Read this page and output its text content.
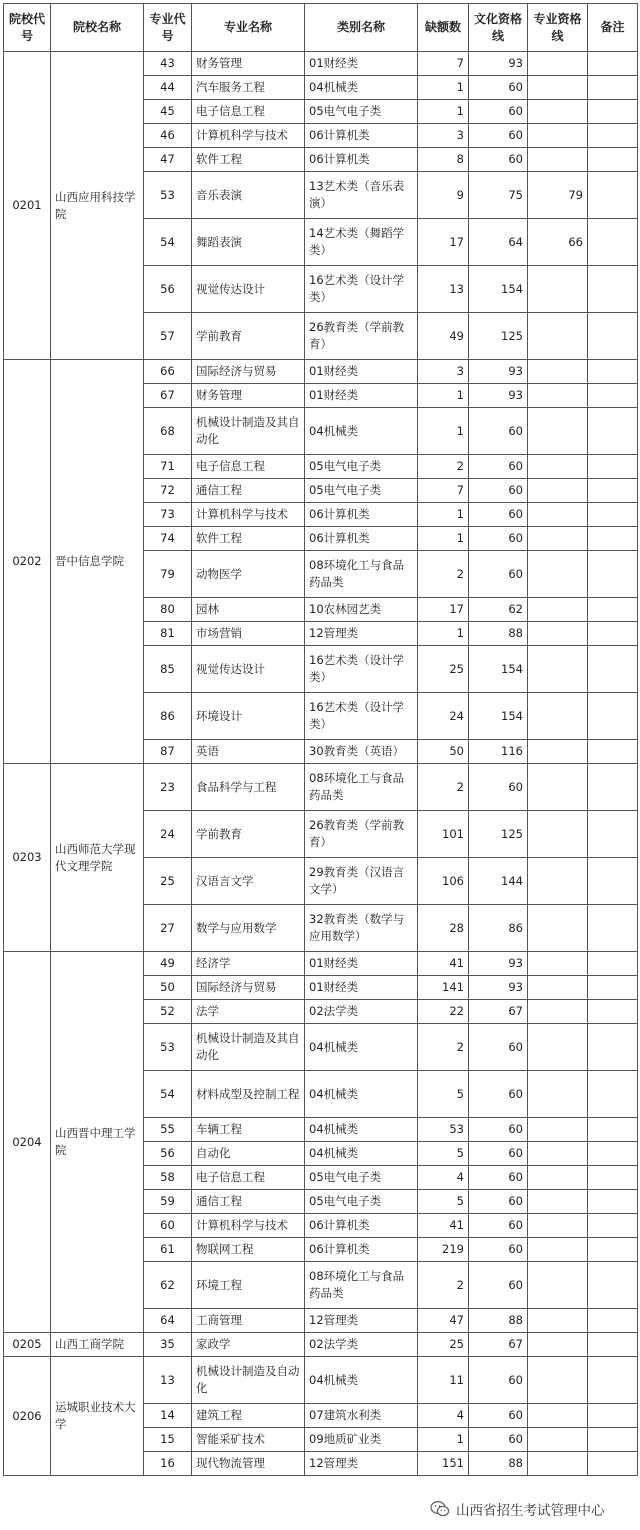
院校代号	院校名称	专业代号	专业名称	类别名称	缺额数	文化资格线	专业资格线	备注
0201	山西应用科技学院	43	财务管理	01财经类	7	93		
		44	汽车服务工程	04机械类	1	60		
		45	电子信息工程	05电气电子类	1	60		
		46	计算机科学与技术	06计算机类	3	60		
		47	软件工程	06计算机类	8	60		
		53	音乐表演	13艺术类（音乐表演）	9	75	79	
		54	舞蹈表演	14艺术类（舞蹈学类）	17	64	66	
		56	视觉传达设计	16艺术类（设计学类）	13	154		
		57	学前教育	26教育类（学前教育）	49	125		
0202	晋中信息学院	66	国际经济与贸易	01财经类	3	93		
		67	财务管理	01财经类	1	93		
		68	机械设计制造及其自动化	04机械类	1	60		
		71	电子信息工程	05电气电子类	2	60		
		72	通信工程	05电气电子类	7	60		
		73	计算机科学与技术	06计算机类	1	60		
		74	软件工程	06计算机类	1	60		
		79	动物医学	08环境化工与食品药品类	2	60		
		80	园林	10农林园艺类	17	62		
		81	市场营销	12管理类	1	88		
		85	视觉传达设计	16艺术类（设计学类）	25	154		
		86	环境设计	16艺术类（设计学类）	24	154		
		87	英语	30教育类（英语）	50	116		
0203	山西师范大学现代文理学院	23	食品科学与工程	08环境化工与食品药品类	2	60		
		24	学前教育	26教育类（学前教育）	101	125		
		25	汉语言文学	29教育类（汉语言文学）	106	144		
		27	数学与应用数学	32教育类（数学与应用数学）	28	86		
0204	山西晋中理工学院	49	经济学	01财经类	41	93		
		50	国际经济与贸易	01财经类	141	93		
		52	法学	02法学类	22	67		
		53	机械设计制造及其自动化	04机械类	2	60		
		54	材料成型及控制工程	04机械类	5	60		
		55	车辆工程	04机械类	53	60		
		56	自动化	04机械类	5	60		
		58	电子信息工程	05电气电子类	4	60		
		59	通信工程	05电气电子类	5	60		
		60	计算机科学与技术	06计算机类	41	60		
		61	物联网工程	06计算机类	219	60		
		62	环境工程	08环境化工与食品药品类	2	60		
		64	工商管理	12管理类	47	88		
0205	山西工商学院	35	家政学	02法学类	25	67		
0206	运城职业技术大学	13	机械设计制造及自动化	04机械类	11	60		
		14	建筑工程	07建筑水利类	4	60		
		15	智能采矿技术	09地质矿业类	1	60		
		16	现代物流管理	12管理类	151	88		
山西省招生考试管理中心
